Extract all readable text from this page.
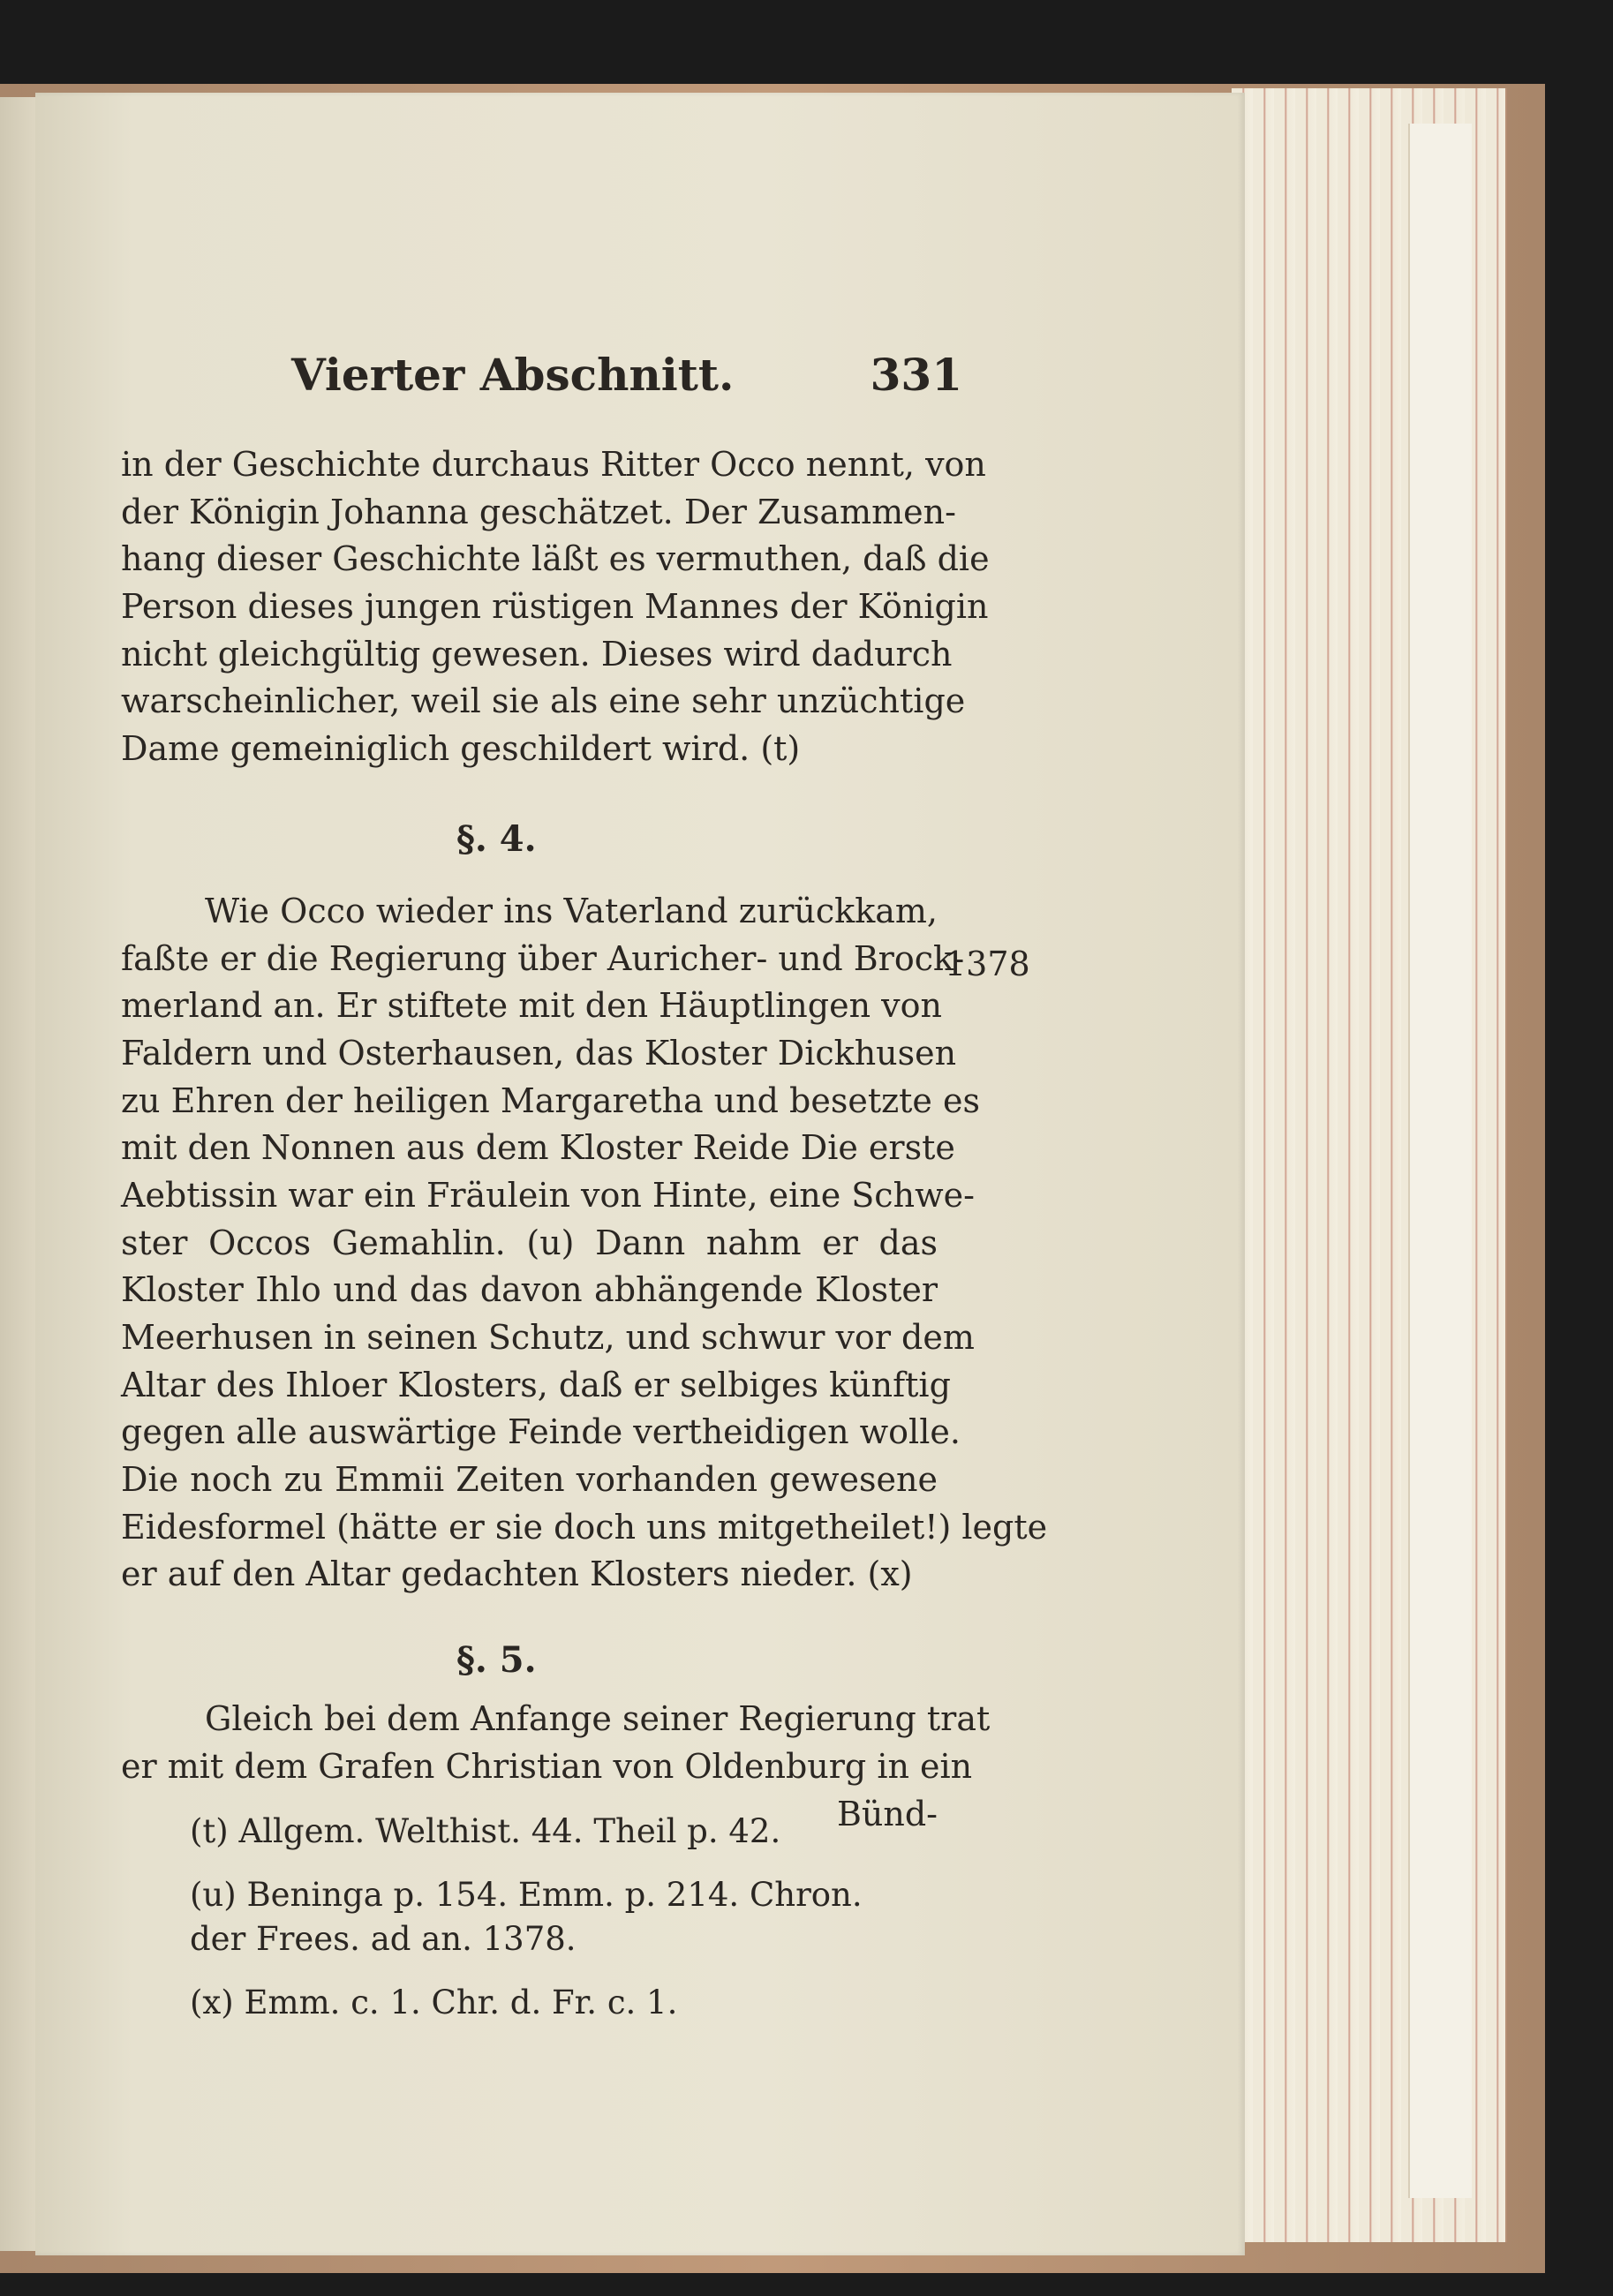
Vierter Abschnitt.	331
in der Geschichte durchaus Ritter Occo nennt, von
der Königin Johanna geschätzet. Der Zusammen-
hang dieser Geschichte läßt es vermuthen, daß die
Person dieses jungen rüstigen Mannes der Königin
nicht gleichgültig gewesen. Dieses wird dadurch
warscheinlicher, weil sie als eine sehr unzüchtige
Dame gemeiniglich geschildert wird. (t)
§. 4.
Wie Occo wieder ins Vaterland zurückkam,
faßte er die Regierung über Auricher- und Brock-
merland an. Er stiftete mit den Häuptlingen von
Faldern und Osterhausen, das Kloster Dickhusen
zu Ehren der heiligen Margaretha und besetzte es
mit den Nonnen aus dem Kloster Reide Die erste
Aebtissin war ein Fräulein von Hinte, eine Schwe-
ster Occos Gemahlin. (u) Dann nahm er das
Kloster Ihlo und das davon abhängende Kloster
Meerhusen in seinen Schutz, und schwur vor dem
Altar des Ihloer Klosters, daß er selbiges künftig
gegen alle auswärtige Feinde vertheidigen wolle.
Die noch zu Emmii Zeiten vorhanden gewesene
Eidesformel (hätte er sie doch uns mitgetheilet!) legte
er auf den Altar gedachten Klosters nieder. (x)
§. 5.
Gleich bei dem Anfange seiner Regierung trat
er mit dem Grafen Christian von Oldenburg in ein
Bünd-
1378
(t) Allgem. Welthist. 44. Theil p. 42.
(u) Beninga p. 154. Emm. p. 214. Chron.
der Frees. ad an. 1378.
(x) Emm. c. 1. Chr. d. Fr. c. 1.
